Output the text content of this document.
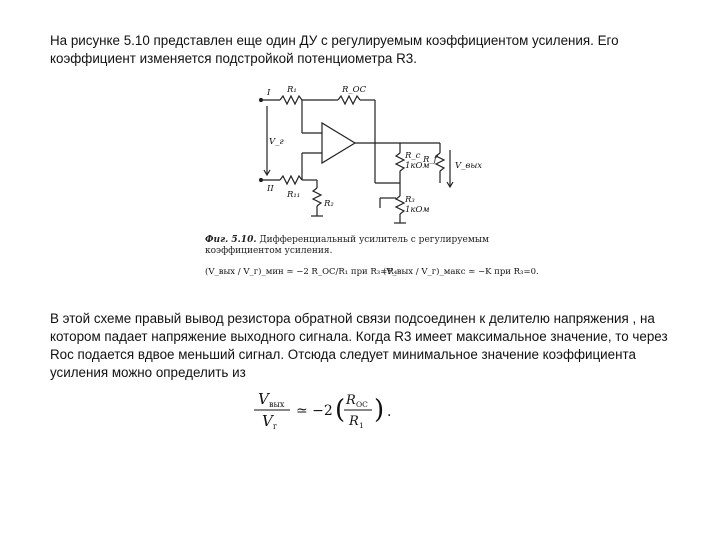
На рисунке 5.10 представлен еще один ДУ с регулируемым коэффициентом усиления. Его коэффициент изменяется подстройкой потенциометра R3.

I
II
R₁	R_OC
R₁₁
R₂
R_c
1кОм
R₃
1кОм
R_f
V_вых
V_г
Фиг. 5.10. Дифференциальный усилитель с регулируемым коэффициентом усиления.
(V_вых / V_г)_мин ≃ −2 R_OC/R₁ при R₃=R₄
(V_вых / V_г)_макс ≃ −K при R₃=0.

В этой схеме правый вывод резистора обратной связи подсоединен к делителю напряжения , на котором падает напряжение выходного сигнала. Когда R3 имеет максимальное значение, то через Roc подается вдвое меньший сигнал. Отсюда следует минимальное значение коэффициента усиления можно определить из

V вых
V г
≃ −2 ( R OC
R 1
) .
